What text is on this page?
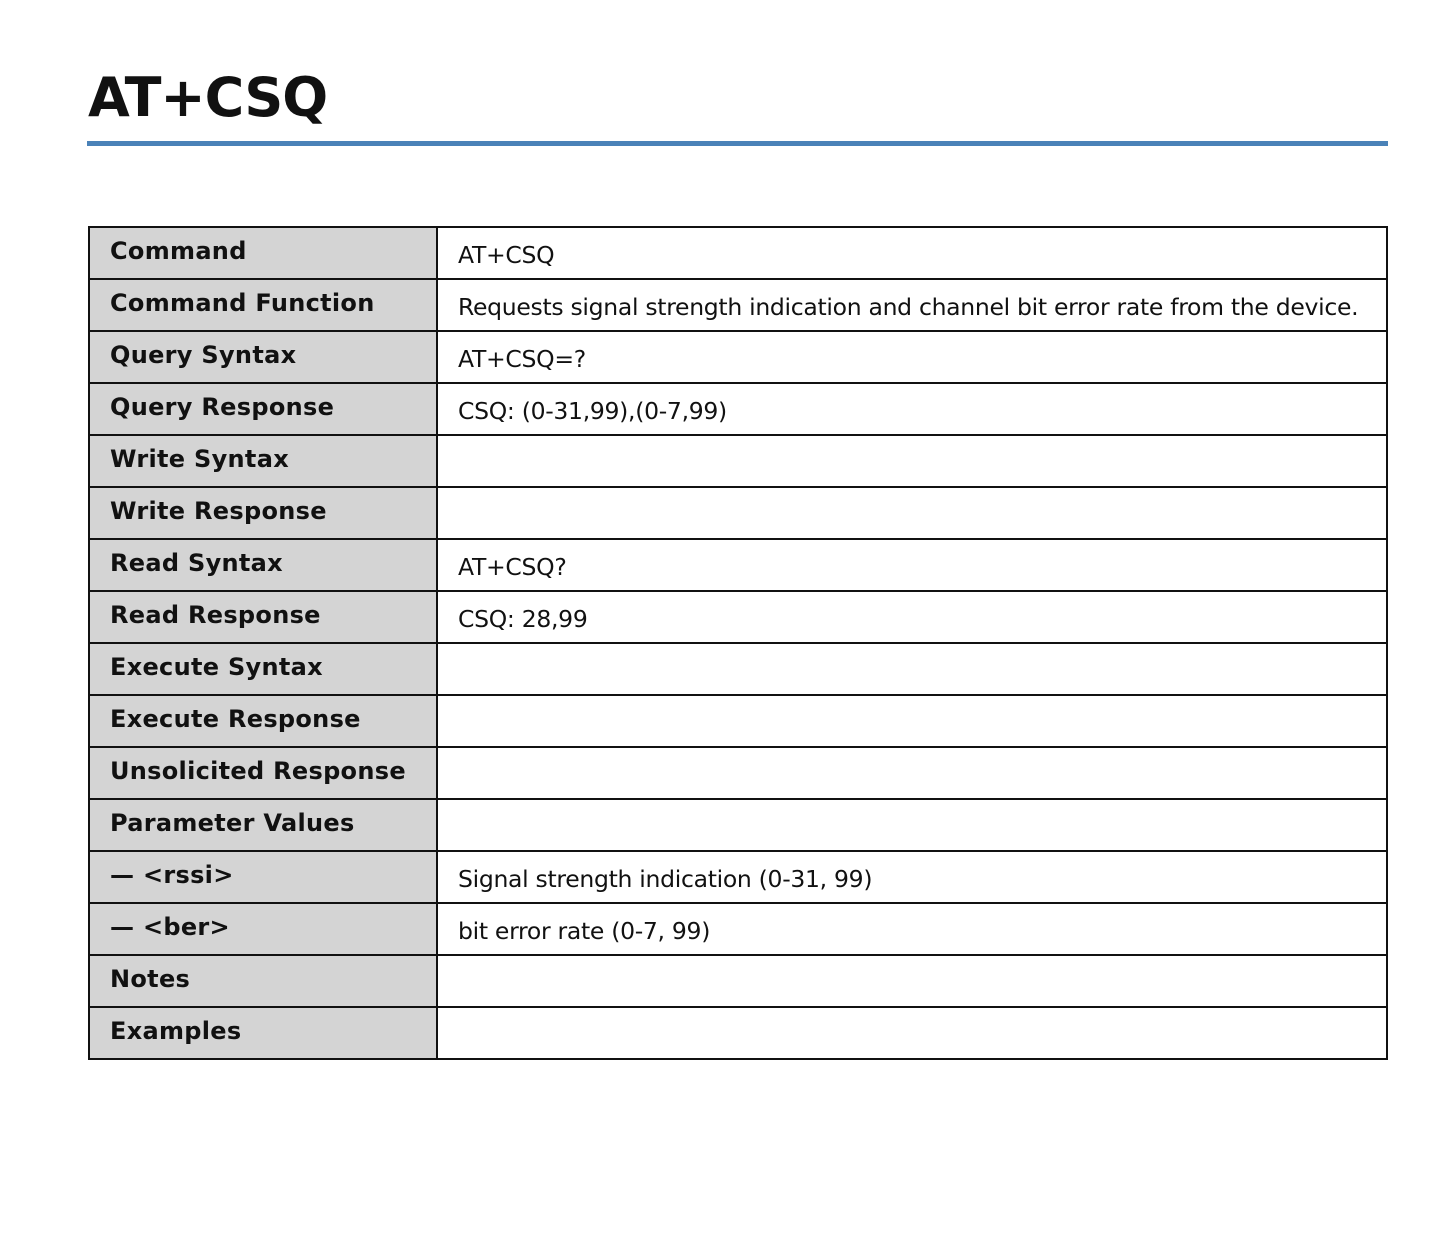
AT+CSQ
Command	AT+CSQ
Command Function	Requests signal strength indication and channel bit error rate from the device.
Query Syntax	AT+CSQ=?
Query Response	CSQ: (0-31,99),(0-7,99)
Write Syntax	
Write Response	
Read Syntax	AT+CSQ?
Read Response	CSQ: 28,99
Execute Syntax	
Execute Response	
Unsolicited Response	
Parameter Values	
— <rssi>	Signal strength indication (0-31, 99)
— <ber>	bit error rate (0-7, 99)
Notes	
Examples	
